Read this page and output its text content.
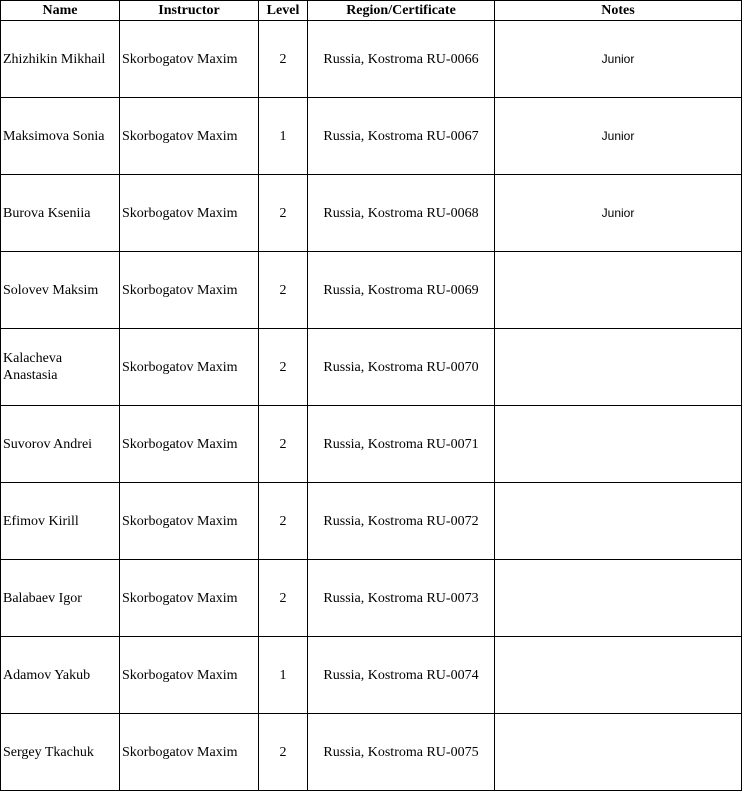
Name	Instructor	Level	Region/Certificate	Notes
Zhizhikin Mikhail	Skorbogatov Maxim	2	Russia, Kostroma RU-0066	Junior
Maksimova Sonia	Skorbogatov Maxim	1	Russia, Kostroma RU-0067	Junior
Burova Kseniia	Skorbogatov Maxim	2	Russia, Kostroma RU-0068	Junior
Solovev Maksim	Skorbogatov Maxim	2	Russia, Kostroma RU-0069	
Kalacheva Anastasia	Skorbogatov Maxim	2	Russia, Kostroma RU-0070	
Suvorov Andrei	Skorbogatov Maxim	2	Russia, Kostroma RU-0071	
Efimov Kirill	Skorbogatov Maxim	2	Russia, Kostroma RU-0072	
Balabaev Igor	Skorbogatov Maxim	2	Russia, Kostroma RU-0073	
Adamov Yakub	Skorbogatov Maxim	1	Russia, Kostroma RU-0074	
Sergey Tkachuk	Skorbogatov Maxim	2	Russia, Kostroma RU-0075	
